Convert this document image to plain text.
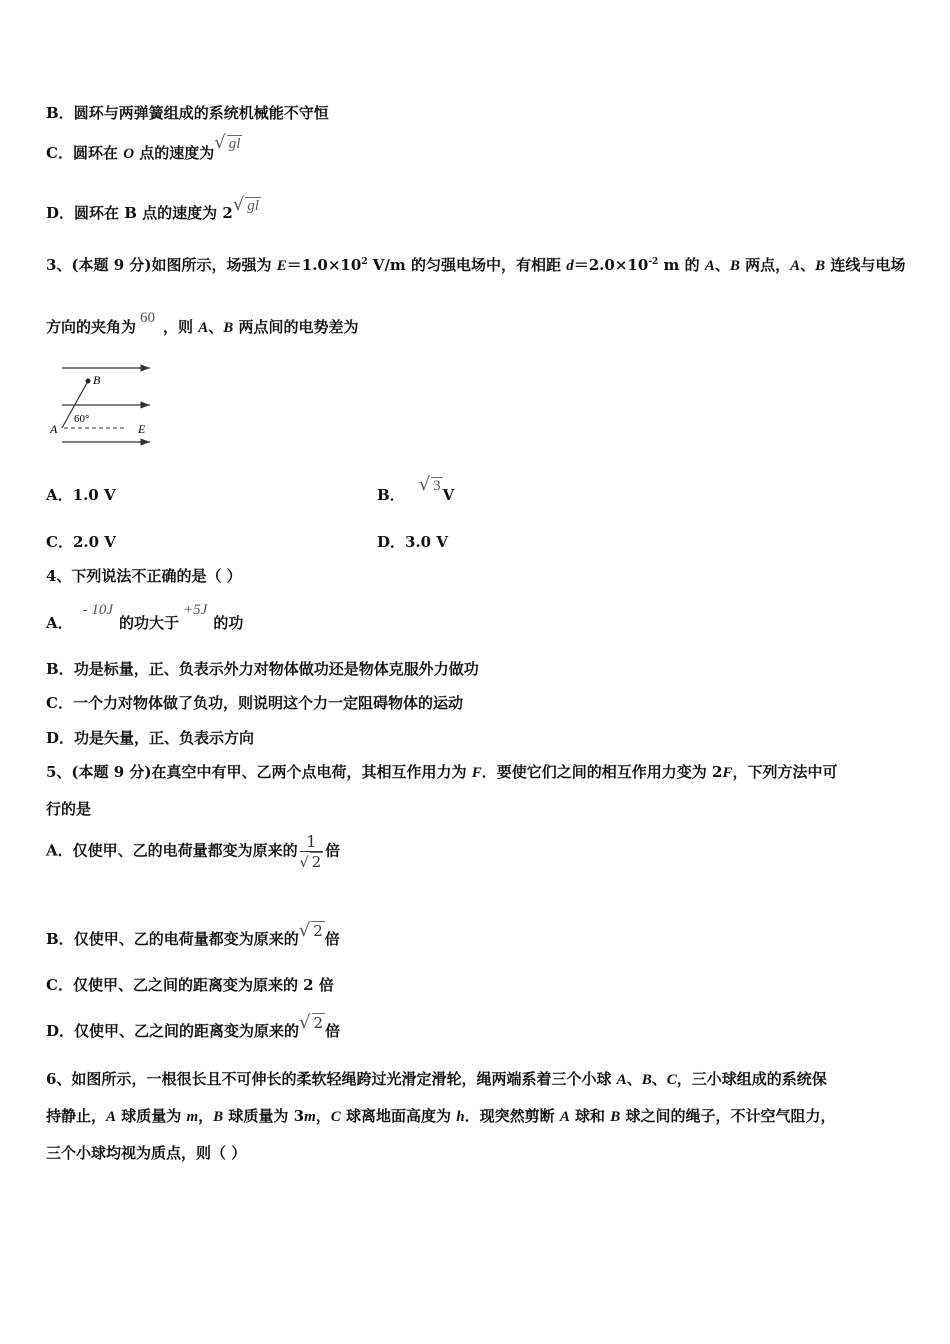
B．圆环与两弹簧组成的系统机械能不守恒
C．圆环在 O 点的速度为√ gl
D．圆环在 B 点的速度为 2√ gl
3、(本题 9 分)如图所示，场强为 $E=1.0\times 10^2$ V/m 的匀强电场中，有相距 $d=2.0\times 10^{-2}$ m 的 A、B 两点，A、B 连线与电场
方向的夹角为 60 ，则 A、B 两点间的电势差为
B
A	E
60°
A．1.0 V	B． √ 3 V
C．2.0 V	D．3.0 V
4、下列说法不正确的是（ ）
A．- 10J的功大于+5J的功
B．功是标量，正、负表示外力对物体做功还是物体克服外力做功
C．一个力对物体做了负功，则说明这个力一定阻碍物体的运动
D．功是矢量，正、负表示方向
5、(本题 9 分)在真空中有甲、乙两个点电荷，其相互作用力为 F．要使它们之间的相互作用力变为 2F，下列方法中可
行的是
A．仅使甲、乙的电荷量都变为原来的 $\frac{1}{√ 2}$ 倍
B．仅使甲、乙的电荷量都变为原来的√ 2 倍
C．仅使甲、乙之间的距离变为原来的 2 倍
D．仅使甲、乙之间的距离变为原来的√ 2 倍
6、如图所示，一根很长且不可伸长的柔软轻绳跨过光滑定滑轮，绳两端系着三个小球 A、B、C，三小球组成的系统保
持静止，A 球质量为 m，B 球质量为 3m，C 球离地面高度为 h．现突然剪断 A 球和 B 球之间的绳子，不计空气阻力，
三个小球均视为质点，则（ ）
